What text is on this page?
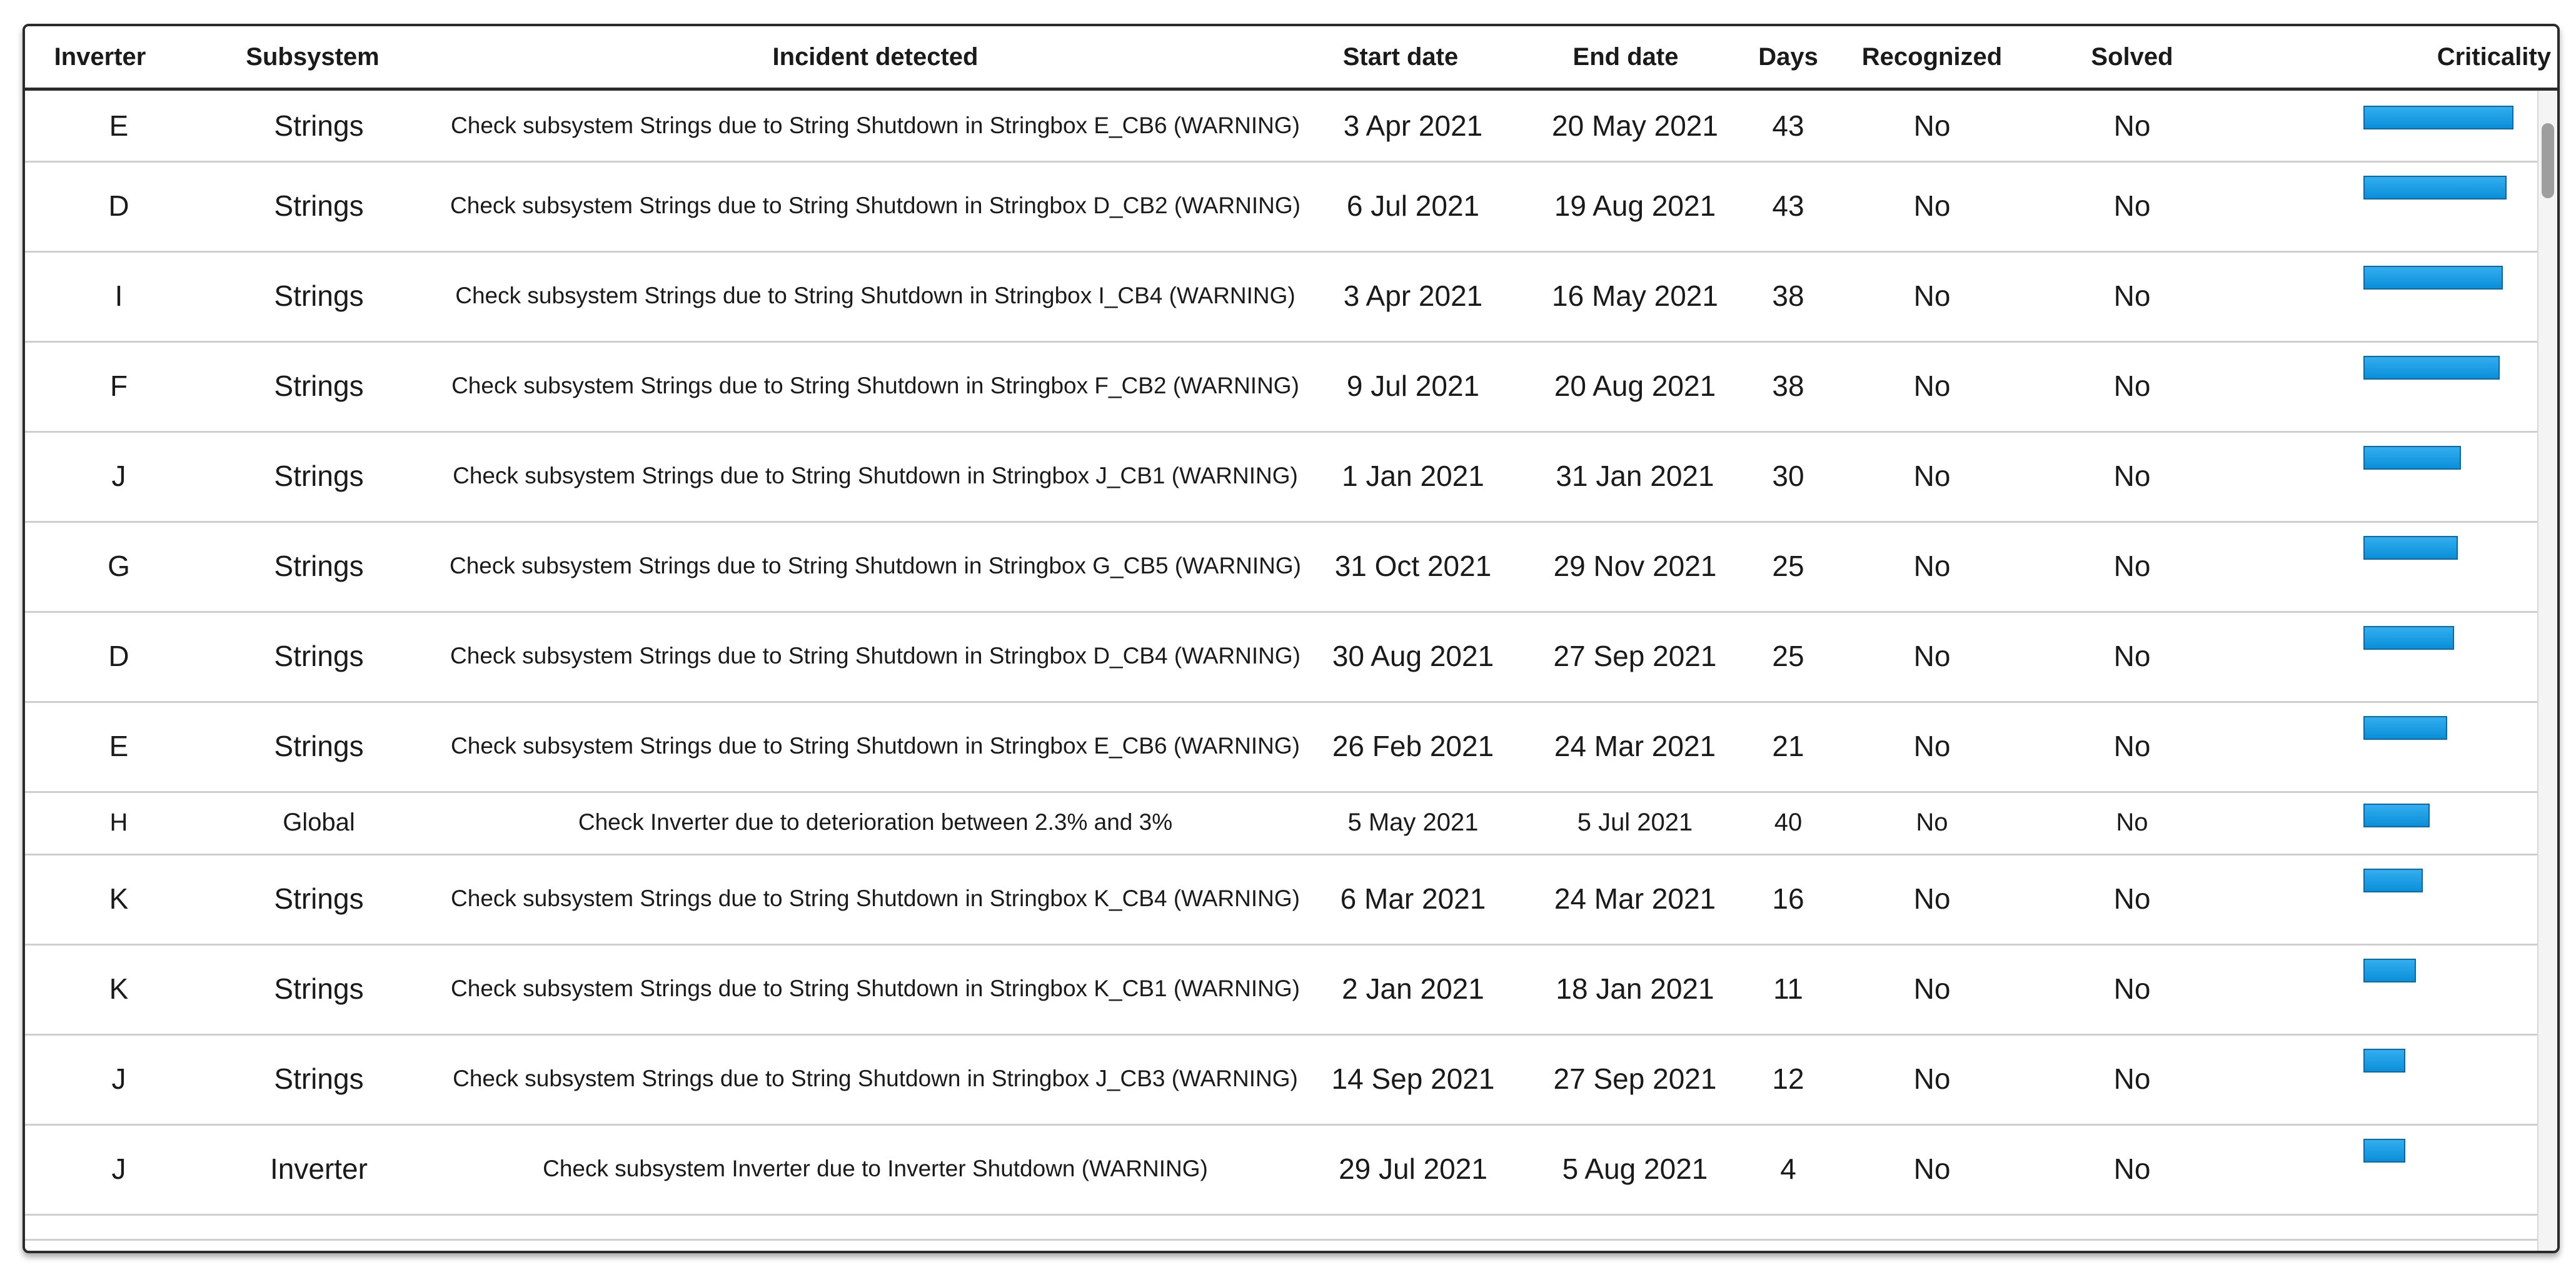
Inverter	Subsystem	Incident detected	Start date	End date	Days	Recognized	Solved	Criticality
E	Strings	Check subsystem Strings due to String Shutdown in Stringbox E_CB6 (WARNING)	3 Apr 2021	20 May 2021	43	No	No
D	Strings	Check subsystem Strings due to String Shutdown in Stringbox D_CB2 (WARNING)	6 Jul 2021	19 Aug 2021	43	No	No
I	Strings	Check subsystem Strings due to String Shutdown in Stringbox I_CB4 (WARNING)	3 Apr 2021	16 May 2021	38	No	No
F	Strings	Check subsystem Strings due to String Shutdown in Stringbox F_CB2 (WARNING)	9 Jul 2021	20 Aug 2021	38	No	No
J	Strings	Check subsystem Strings due to String Shutdown in Stringbox J_CB1 (WARNING)	1 Jan 2021	31 Jan 2021	30	No	No
G	Strings	Check subsystem Strings due to String Shutdown in Stringbox G_CB5 (WARNING)	31 Oct 2021	29 Nov 2021	25	No	No
D	Strings	Check subsystem Strings due to String Shutdown in Stringbox D_CB4 (WARNING)	30 Aug 2021	27 Sep 2021	25	No	No
E	Strings	Check subsystem Strings due to String Shutdown in Stringbox E_CB6 (WARNING)	26 Feb 2021	24 Mar 2021	21	No	No
H	Global	Check Inverter due to deterioration between 2.3% and 3%	5 May 2021	5 Jul 2021	40	No	No
K	Strings	Check subsystem Strings due to String Shutdown in Stringbox K_CB4 (WARNING)	6 Mar 2021	24 Mar 2021	16	No	No
K	Strings	Check subsystem Strings due to String Shutdown in Stringbox K_CB1 (WARNING)	2 Jan 2021	18 Jan 2021	11	No	No
J	Strings	Check subsystem Strings due to String Shutdown in Stringbox J_CB3 (WARNING)	14 Sep 2021	27 Sep 2021	12	No	No
J	Inverter	Check subsystem Inverter due to Inverter Shutdown (WARNING)	29 Jul 2021	5 Aug 2021	4	No	No
